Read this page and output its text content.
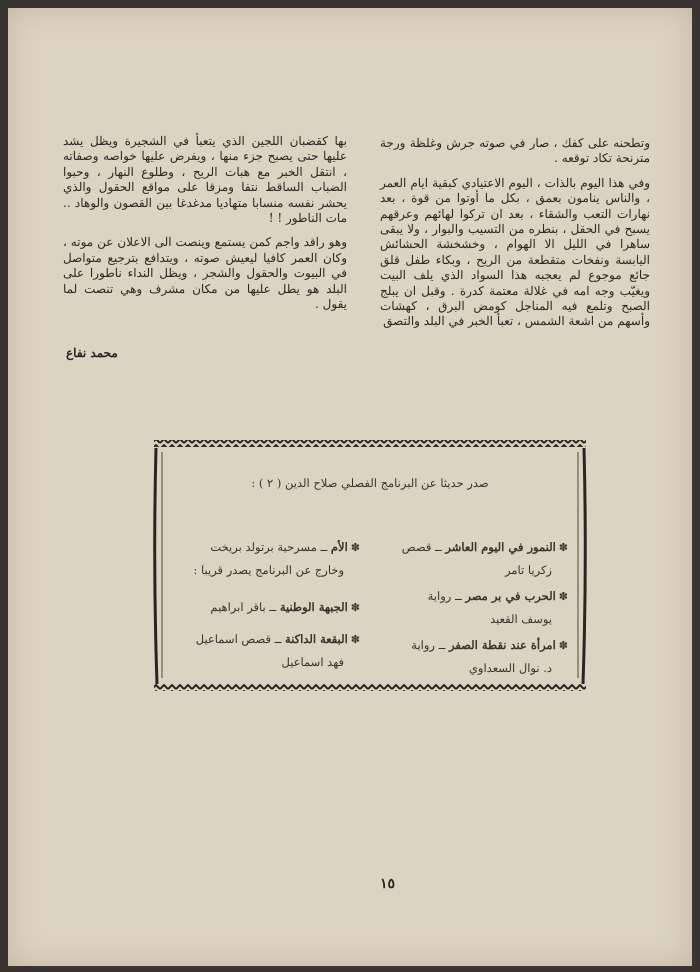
وتطحنه على كفك ، صار في صوته جرش وغلظة ورجة مترنحة تكاد توقعه .

وفي هذا اليوم بالذات ، اليوم الاعتيادي كبقية ايام العمر ، والناس ينامون بعمق ، بكل ما أوتوا من قوة ، بعد نهارات التعب والشقاء ، بعد ان تركوا لهائهم وعرقهم يسبح في الحقل ، بنطره من التسيب والبوار ، ولا يبقى ساهرا في الليل الا الهوام ، وخشخشة الحشائش اليابسة ونفخات متقطعة من الريح ، وبكاء طفل قلق جائع موجوع لم يعجبه هذا السواد الذي يلف البيت ويغيّب وجه امه في غلالة معتمة كدرة . وقبل ان يبلج الصبح وتلمع فيه المناجل كومض البرق ، كهشات وأسهم من اشعة الشمس ، تعبأ الخبر في البلد والتصق

بها كقضبان اللجين الذي يتعبأ في الشجيرة ويظل يشد عليها حتى يصبح جزء منها ، ويفرض عليها خواصه وصفاته ، انتقل الخبر مع هبات الريح ، وطلوع النهار ، وحبوا الضباب الساقط نتفا ومزقا على مواقع الحقول والذي يحشر نفسه منسابا متهاديا مدغدغا بين القصون والوهاد .. مات الناطور ! !

وهو راقد واجم كمن يستمع وينصت الى الاعلان عن موته ، وكان العمر كافيا ليعيش صوته ، ويتدافع بترجيع متواصل في البيوت والحقول والشجر ، ويظل النداء ناطورا على البلد هو يطل عليها من مكان مشرف وهي تنصت لما يقول .

محمد نفاع
صدر حديثا عن البرنامج الفصلي صلاح الدين ( ٢ ) :
✽النمور في اليوم العاشر ــ قصص
زكريا تامر
✽الحرب في بر مصر ــ رواية
يوسف القعيد
✽امرأة عند نقطة الصفر ــ رواية
د. نوال السعداوي
✽الأم ــ مسرحية برتولد بريخت
وخارج عن البرنامج يصدر قريبا :
✽الجبهة الوطنية ــ باقر ابراهيم
✽البقعة الداكنة ــ قصص اسماعيل
فهد اسماعيل
١٥
